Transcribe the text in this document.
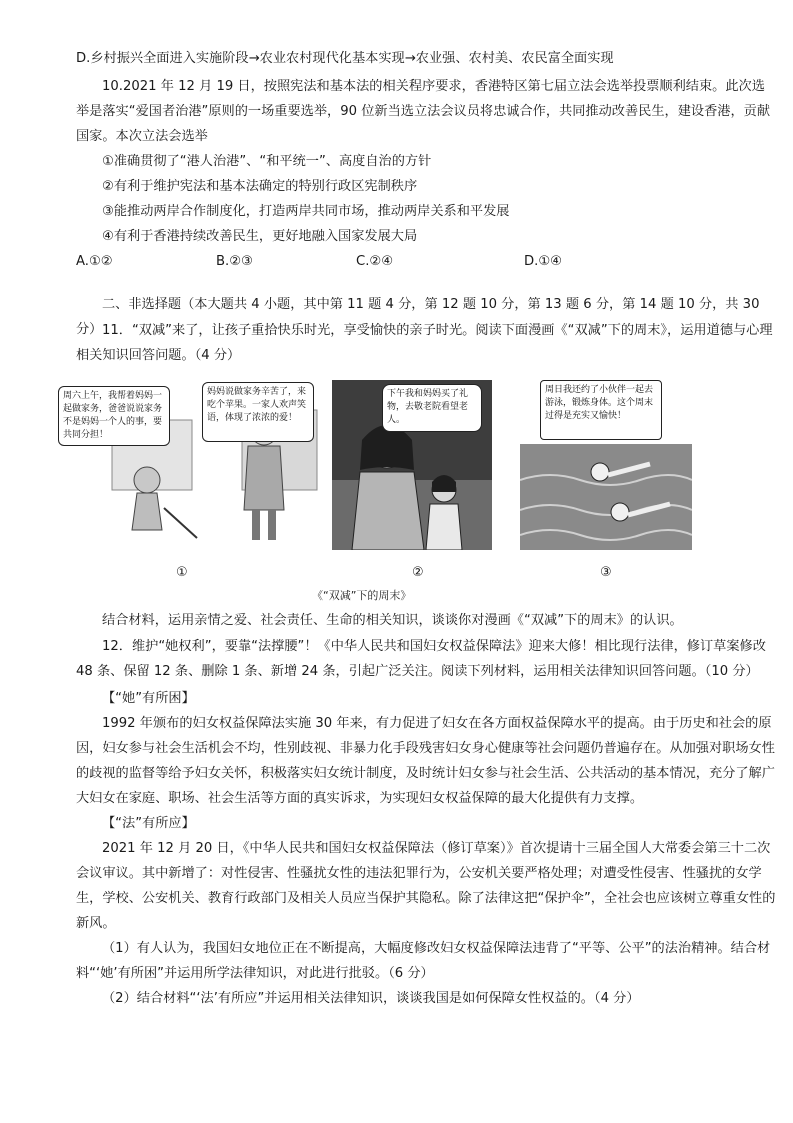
D.乡村振兴全面进入实施阶段→农业农村现代化基本实现→农业强、农村美、农民富全面实现

10.2021 年 12 月 19 日，按照宪法和基本法的相关程序要求，香港特区第七届立法会选举投票顺利结束。此次选举是落实“爱国者治港”原则的一场重要选举，90 位新当选立法会议员将忠诚合作，共同推动改善民生，建设香港，贡献国家。本次立法会选举

①准确贯彻了“港人治港”、“和平统一”、高度自治的方针

②有利于维护宪法和基本法确定的特别行政区宪制秩序

③能推动两岸合作制度化，打造两岸共同市场，推动两岸关系和平发展

④有利于香港持续改善民生，更好地融入国家发展大局

A.①②	B.②③	C.②④	D.①④

二、非选择题（本大题共 4 小题，其中第 11 题 4 分，第 12 题 10 分，第 13 题 6 分，第 14 题 10 分，共 30 分） 11．“双减”来了，让孩子重拾快乐时光，享受愉快的亲子时光。阅读下面漫画《“双减”下的周末》，运用道德与心理相关知识回答问题。（4 分）

周六上午，我帮着妈妈一起做家务，爸爸说说家务不是妈妈一个人的事，要共同分担！
妈妈说做家务辛苦了，来吃个苹果。一家人欢声笑语，体现了浓浓的爱！
下午我和妈妈买了礼物，去敬老院看望老人。
周日我还约了小伙伴一起去游泳，锻炼身体。这个周末过得是充实又愉快！
①	②	③
《“双减”下的周末》

结合材料，运用亲情之爱、社会责任、生命的相关知识，谈谈你对漫画《“双减”下的周末》的认识。

12．维护“她权利”，要靠“法撑腰”！《中华人民共和国妇女权益保障法》迎来大修！相比现行法律，修订草案修改 48 条、保留 12 条、删除 1 条、新增 24 条，引起广泛关注。阅读下列材料，运用相关法律知识回答问题。（10 分）

【“她”有所困】

1992 年颁布的妇女权益保障法实施 30 年来，有力促进了妇女在各方面权益保障水平的提高。由于历史和社会的原因，妇女参与社会生活机会不均，性别歧视、非暴力化手段残害妇女身心健康等社会问题仍普遍存在。从加强对职场女性的歧视的监督等给予妇女关怀，积极落实妇女统计制度，及时统计妇女参与社会生活、公共活动的基本情况，充分了解广大妇女在家庭、职场、社会生活等方面的真实诉求，为实现妇女权益保障的最大化提供有力支撑。

【“法”有所应】

2021 年 12 月 20 日，《中华人民共和国妇女权益保障法（修订草案）》首次提请十三届全国人大常委会第三十二次会议审议。其中新增了：对性侵害、性骚扰女性的违法犯罪行为，公安机关要严格处理；对遭受性侵害、性骚扰的女学生，学校、公安机关、教育行政部门及相关人员应当保护其隐私。除了法律这把“保护伞”，全社会也应该树立尊重女性的新风。

（1）有人认为，我国妇女地位正在不断提高，大幅度修改妇女权益保障法违背了“平等、公平”的法治精神。结合材料“‘她’有所困”并运用所学法律知识，对此进行批驳。（6 分）

（2）结合材料“‘法’有所应”并运用相关法律知识，谈谈我国是如何保障女性权益的。（4 分）
